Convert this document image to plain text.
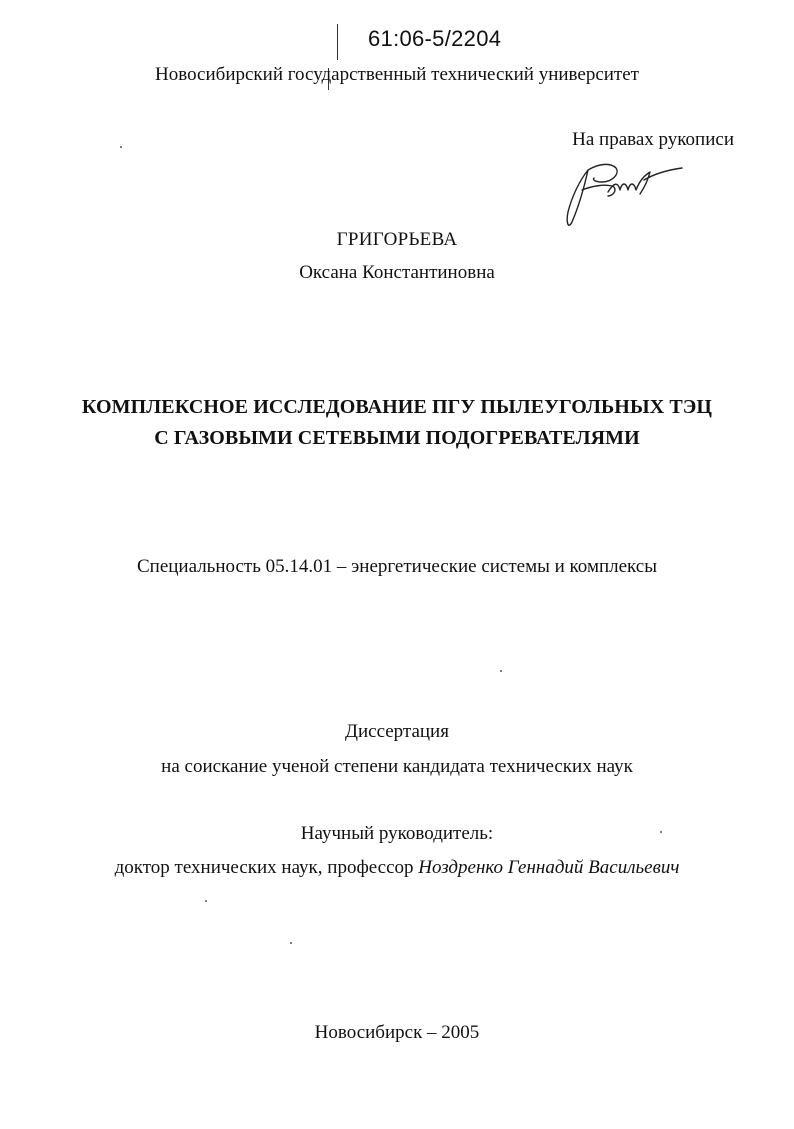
61:06-5/2204
Новосибирский государственный технический университет
На правах рукописи
ГРИГОРЬЕВА
Оксана Константиновна
КОМПЛЕКСНОЕ ИССЛЕДОВАНИЕ ПГУ ПЫЛЕУГОЛЬНЫХ ТЭЦ
С ГАЗОВЫМИ СЕТЕВЫМИ ПОДОГРЕВАТЕЛЯМИ
Специальность 05.14.01 – энергетические системы и комплексы
Диссертация
на соискание ученой степени кандидата технических наук
Научный руководитель:
доктор технических наук, профессор Ноздренко Геннадий Васильевич
Новосибирск – 2005
